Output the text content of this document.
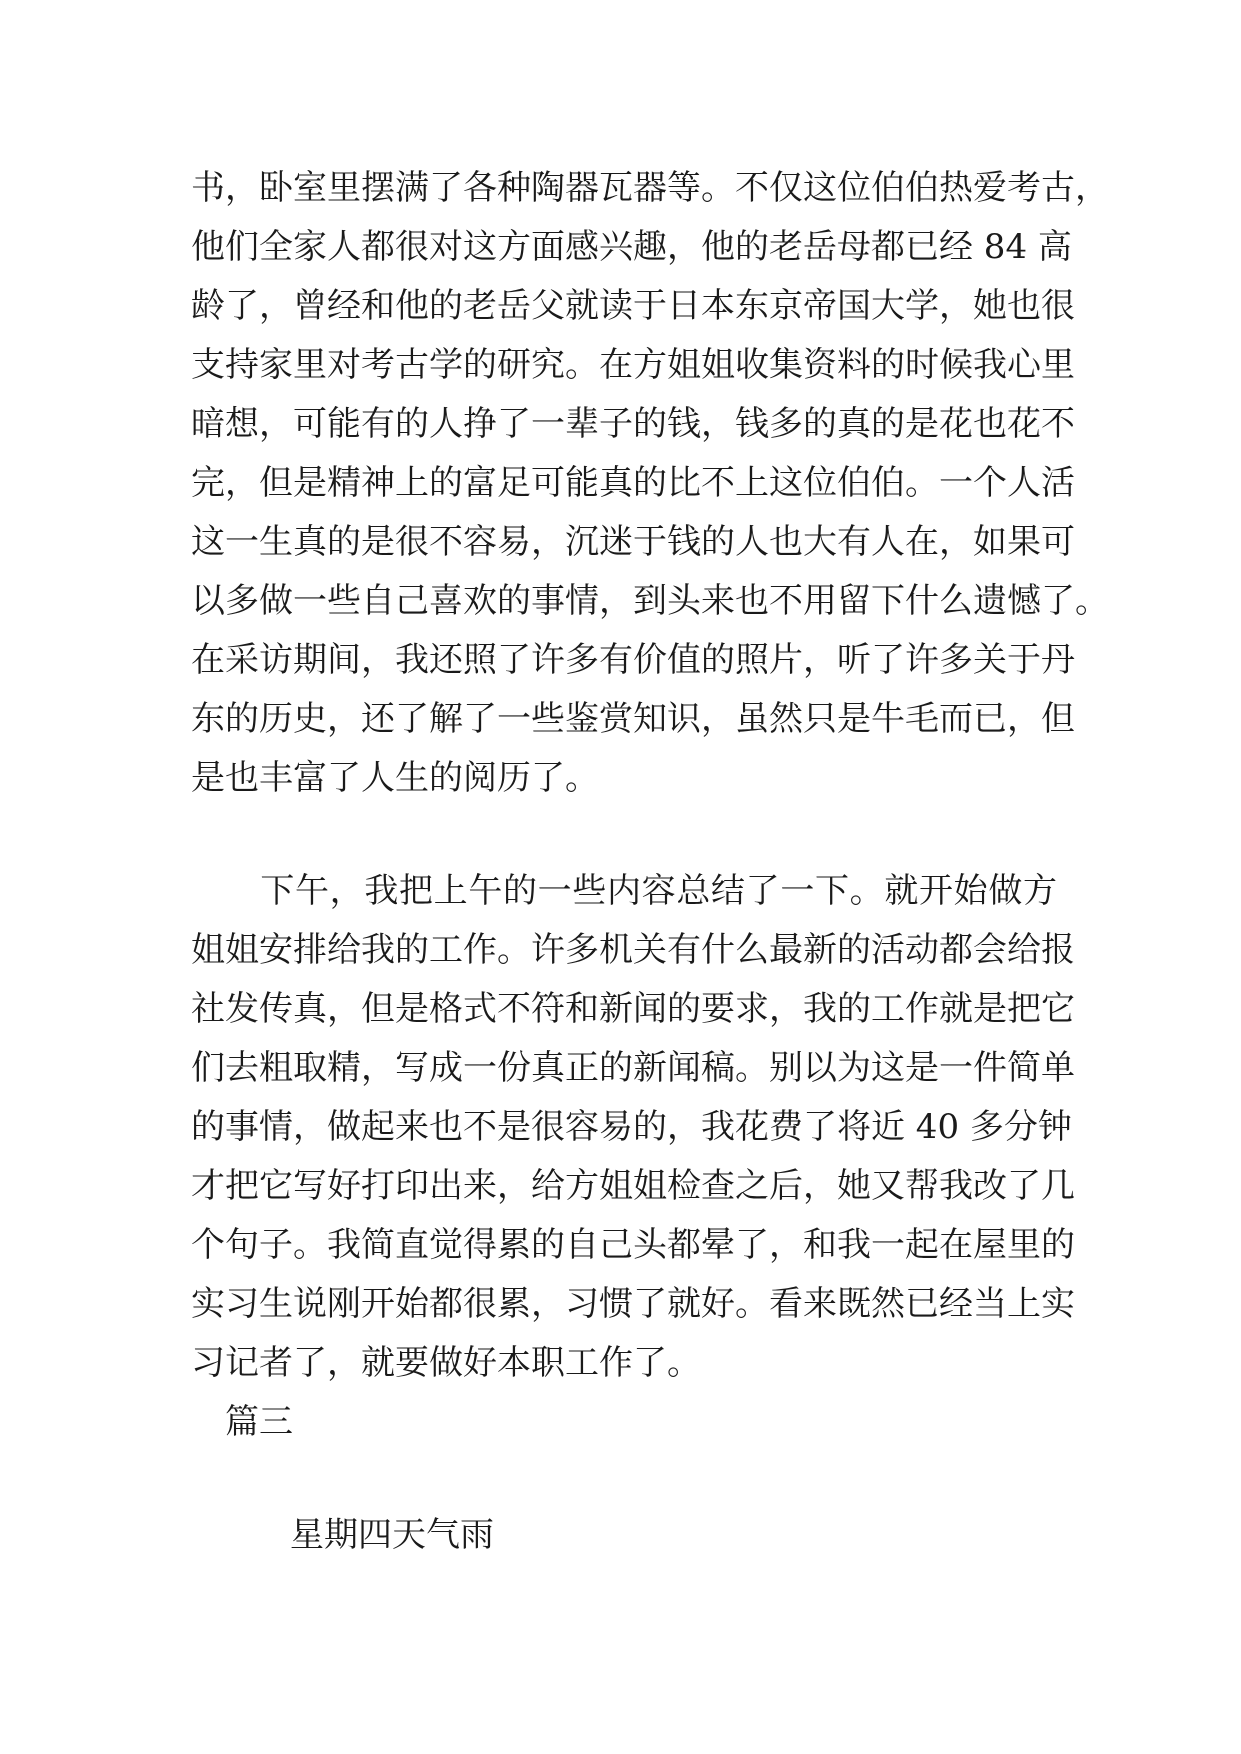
书，卧室里摆满了各种陶器瓦器等。不仅这位伯伯热爱考古，
他们全家人都很对这方面感兴趣，他的老岳母都已经 84 高
龄了，曾经和他的老岳父就读于日本东京帝国大学，她也很
支持家里对考古学的研究。在方姐姐收集资料的时候我心里
暗想，可能有的人挣了一辈子的钱，钱多的真的是花也花不
完，但是精神上的富足可能真的比不上这位伯伯。一个人活
这一生真的是很不容易，沉迷于钱的人也大有人在，如果可
以多做一些自己喜欢的事情，到头来也不用留下什么遗憾了。
在采访期间，我还照了许多有价值的照片，听了许多关于丹
东的历史，还了解了一些鉴赏知识，虽然只是牛毛而已，但
是也丰富了人生的阅历了。
　　下午，我把上午的一些内容总结了一下。就开始做方
姐姐安排给我的工作。许多机关有什么最新的活动都会给报
社发传真，但是格式不符和新闻的要求，我的工作就是把它
们去粗取精，写成一份真正的新闻稿。别以为这是一件简单
的事情，做起来也不是很容易的，我花费了将近 40 多分钟
才把它写好打印出来，给方姐姐检查之后，她又帮我改了几
个句子。我简直觉得累的自己头都晕了，和我一起在屋里的
实习生说刚开始都很累，习惯了就好。看来既然已经当上实
习记者了，就要做好本职工作了。
篇三
星期四天气雨
